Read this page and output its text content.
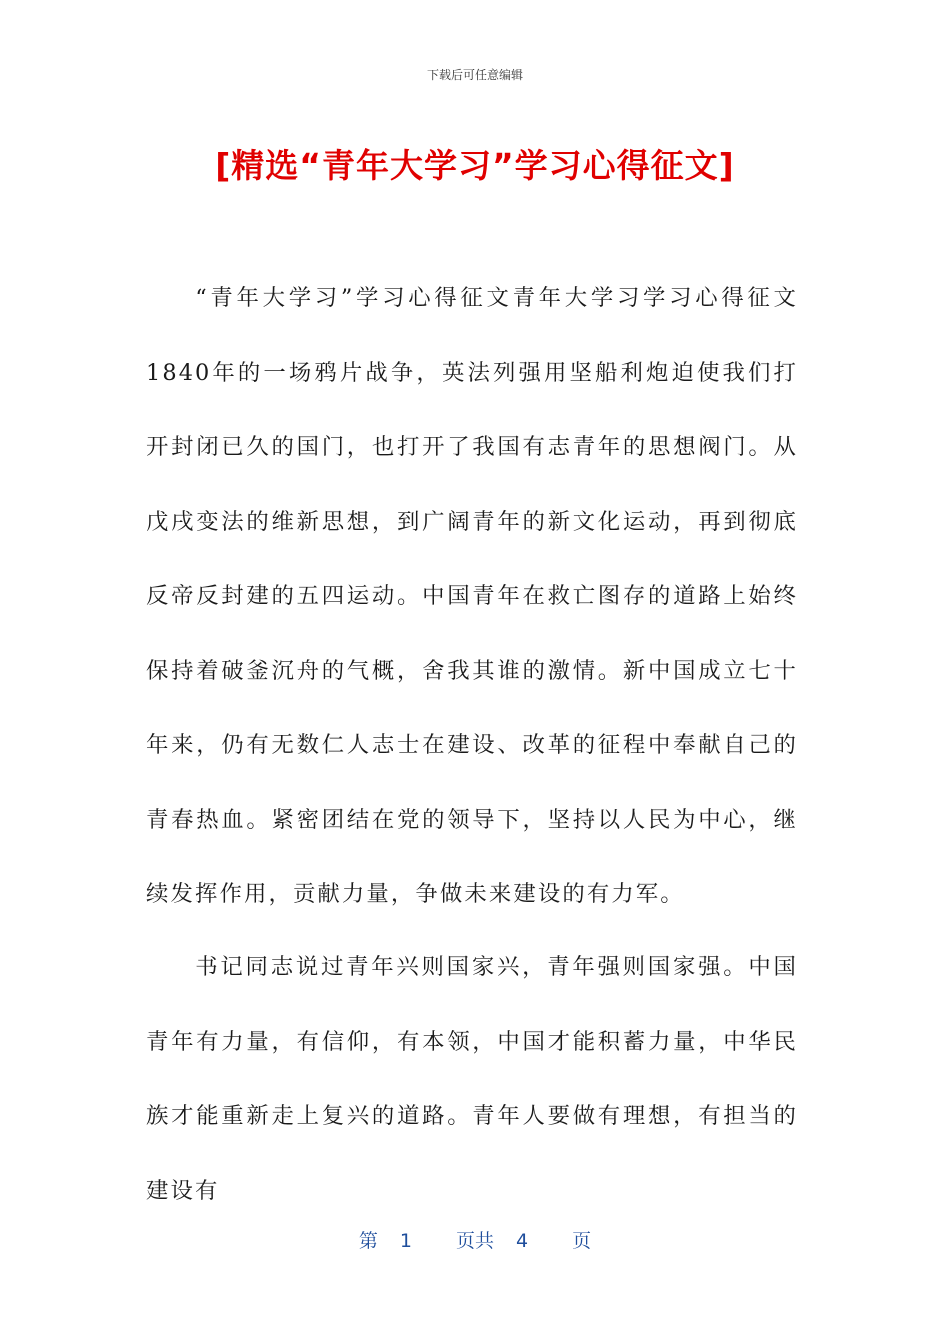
下载后可任意编辑
[精选“青年大学习”学习心得征文]

“青年大学习”学习心得征文青年大学习学习心得征文1840年的一场鸦片战争，英法列强用坚船利炮迫使我们打开封闭已久的国门，也打开了我国有志青年的思想阀门。从戊戌变法的维新思想，到广阔青年的新文化运动，再到彻底反帝反封建的五四运动。中国青年在救亡图存的道路上始终保持着破釜沉舟的气概，舍我其谁的激情。新中国成立七十年来，仍有无数仁人志士在建设、改革的征程中奉献自己的青春热血。紧密团结在党的领导下，坚持以人民为中心，继续发挥作用，贡献力量，争做未来建设的有力军。

书记同志说过青年兴则国家兴，青年强则国家强。中国青年有力量，有信仰，有本领，中国才能积蓄力量，中华民族才能重新走上复兴的道路。青年人要做有理想，有担当的建设有

第 1 页共 4 页
